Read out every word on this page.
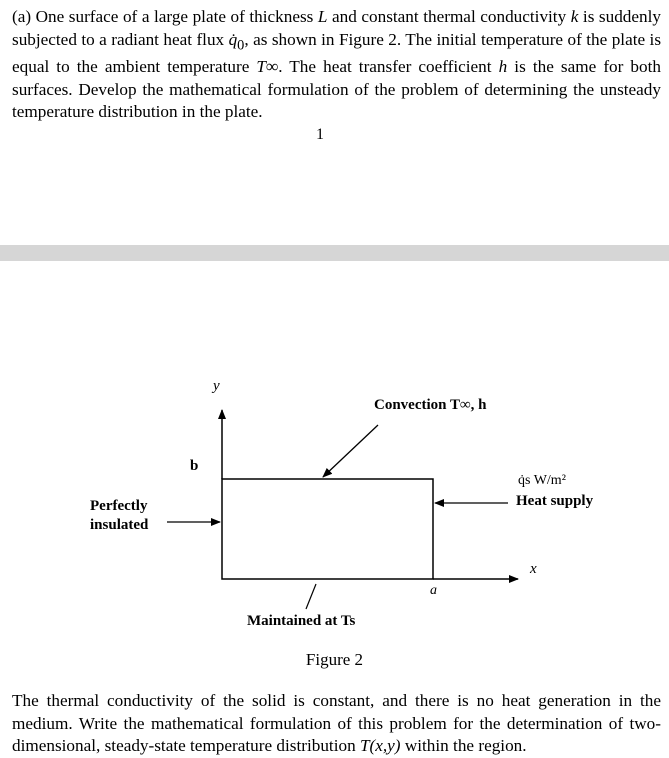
(a) One surface of a large plate of thickness L and constant thermal conductivity k is suddenly subjected to a radiant heat flux $q̇_0$, as shown in Figure 2. The initial temperature of the plate is equal to the ambient temperature T∞. The heat transfer coefficient h is the same for both surfaces. Develop the mathematical formulation of the problem of determining the unsteady temperature distribution in the plate.
1
y
b
Convection T∞, h
q̇s W/m²
Heat supply
Perfectly
insulated
x
a
Maintained at Ts
Figure 2
The thermal conductivity of the solid is constant, and there is no heat generation in the medium. Write the mathematical formulation of this problem for the determination of two-dimensional, steady-state temperature distribution T(x,y) within the region.
